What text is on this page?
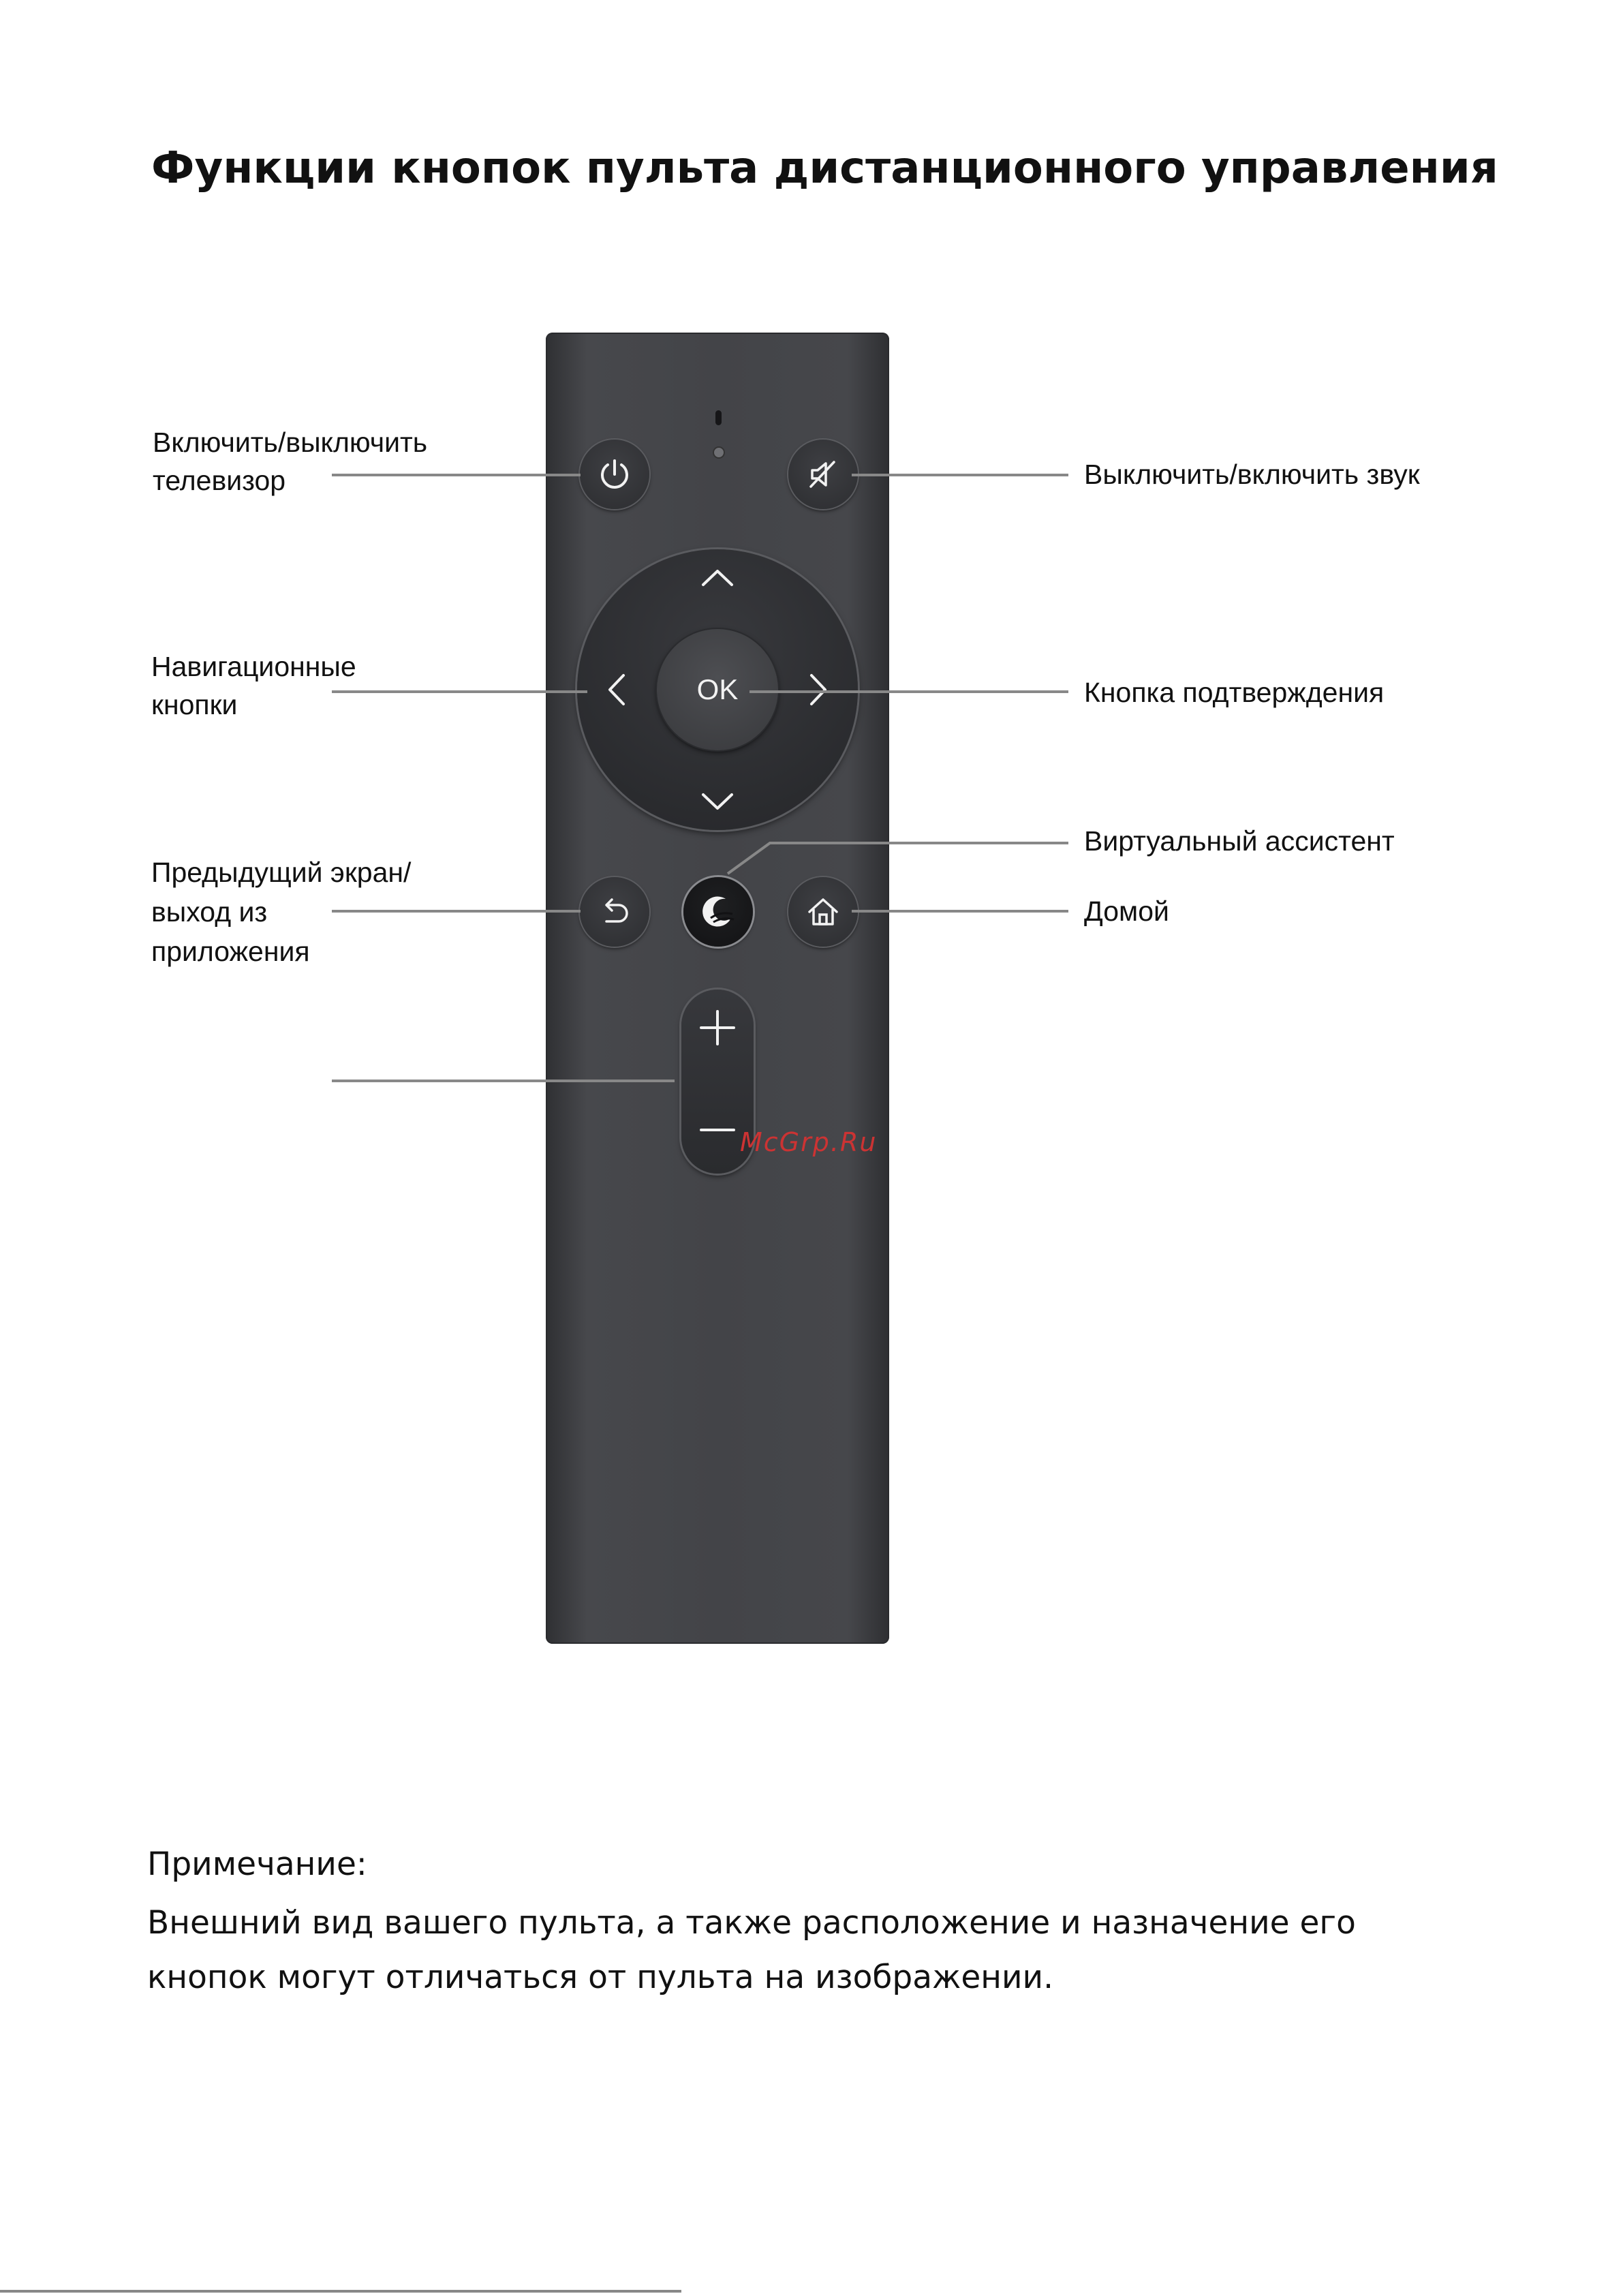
Функции кнопок пульта дистанционного управления
Включить/выключить
телевизор	Выключить/включить звук
Навигационные
кнопки	Кнопка подтверждения
Виртуальный ассистент
Домой
Предыдущий экран/
выход из
приложения
OK
McGrp.Ru
Примечание:
Внешний вид вашего пульта, а также расположение и назначение его кнопок могут отличаться от пульта на изображении.
